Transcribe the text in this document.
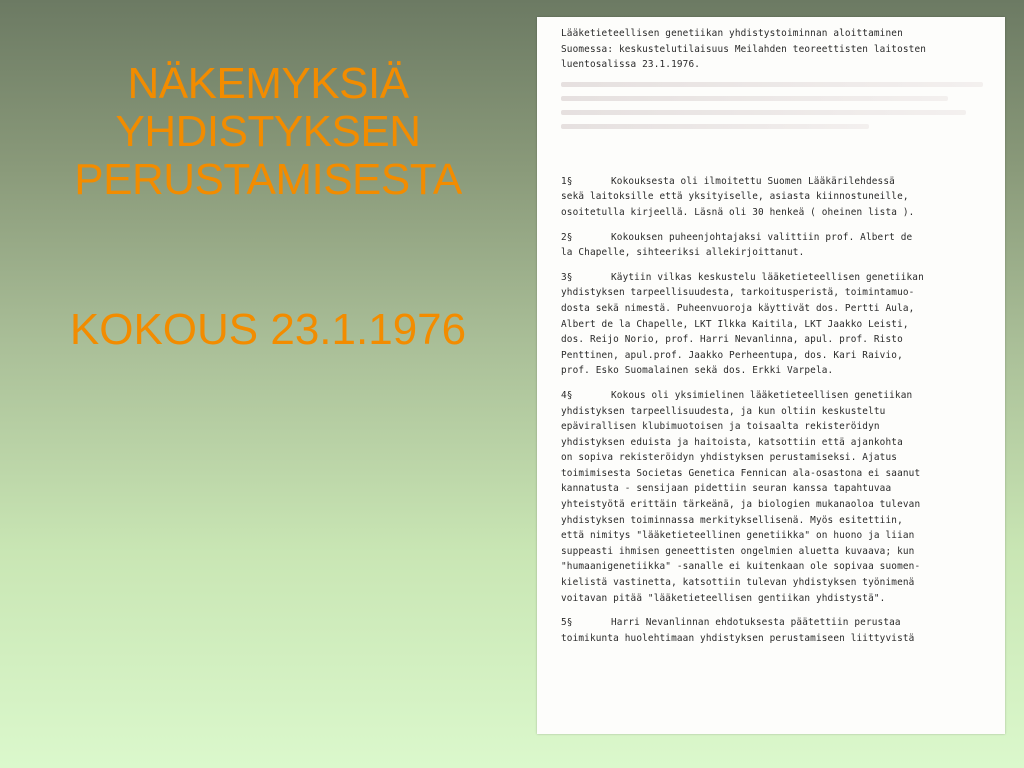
NÄKEMYKSIÄ
YHDISTYKSEN
PERUSTAMISESTA
KOKOUS 23.1.1976
Lääketieteellisen genetiikan yhdistystoiminnan aloittaminen
Suomessa: keskustelutilaisuus Meilahden teoreettisten laitosten
luentosalissa 23.1.1976.
1§	Kokouksesta oli ilmoitettu Suomen Lääkärilehdessä
sekä laitoksille että yksityiselle, asiasta kiinnostuneille,
osoitetulla kirjeellä. Läsnä oli 30 henkeä ( oheinen lista ).
2§	Kokouksen puheenjohtajaksi valittiin prof. Albert de
la Chapelle, sihteeriksi allekirjoittanut.
3§	Käytiin vilkas keskustelu lääketieteellisen genetiikan
yhdistyksen tarpeellisuudesta, tarkoitusperistä, toimintamuo-
dosta sekä nimestä. Puheenvuoroja käyttivät dos. Pertti Aula,
Albert de la Chapelle, LKT Ilkka Kaitila, LKT Jaakko Leisti,
dos. Reijo Norio, prof. Harri Nevanlinna, apul. prof. Risto
Penttinen, apul.prof. Jaakko Perheentupa, dos. Kari Raivio,
prof. Esko Suomalainen sekä dos. Erkki Varpela.
4§	Kokous oli yksimielinen lääketieteellisen genetiikan
yhdistyksen tarpeellisuudesta, ja kun oltiin keskusteltu
epävirallisen klubimuotoisen ja toisaalta rekisteröidyn
yhdistyksen eduista ja haitoista, katsottiin että ajankohta
on sopiva rekisteröidyn yhdistyksen perustamiseksi. Ajatus
toimimisesta Societas Genetica Fennican ala-osastona ei saanut
kannatusta - sensijaan pidettiin seuran kanssa tapahtuvaa
yhteistyötä erittäin tärkeänä, ja biologien mukanaoloa tulevan
yhdistyksen toiminnassa merkityksellisenä. Myös esitettiin,
että nimitys "lääketieteellinen genetiikka" on huono ja liian
suppeasti ihmisen geneettisten ongelmien aluetta kuvaava; kun
"humaanigenetiikka" -sanalle ei kuitenkaan ole sopivaa suomen-
kielistä vastinetta, katsottiin tulevan yhdistyksen työnimenä
voitavan pitää "lääketieteellisen gentiikan yhdistystä".
5§	Harri Nevanlinnan ehdotuksesta päätettiin perustaa
toimikunta huolehtimaan yhdistyksen perustamiseen liittyvistä
